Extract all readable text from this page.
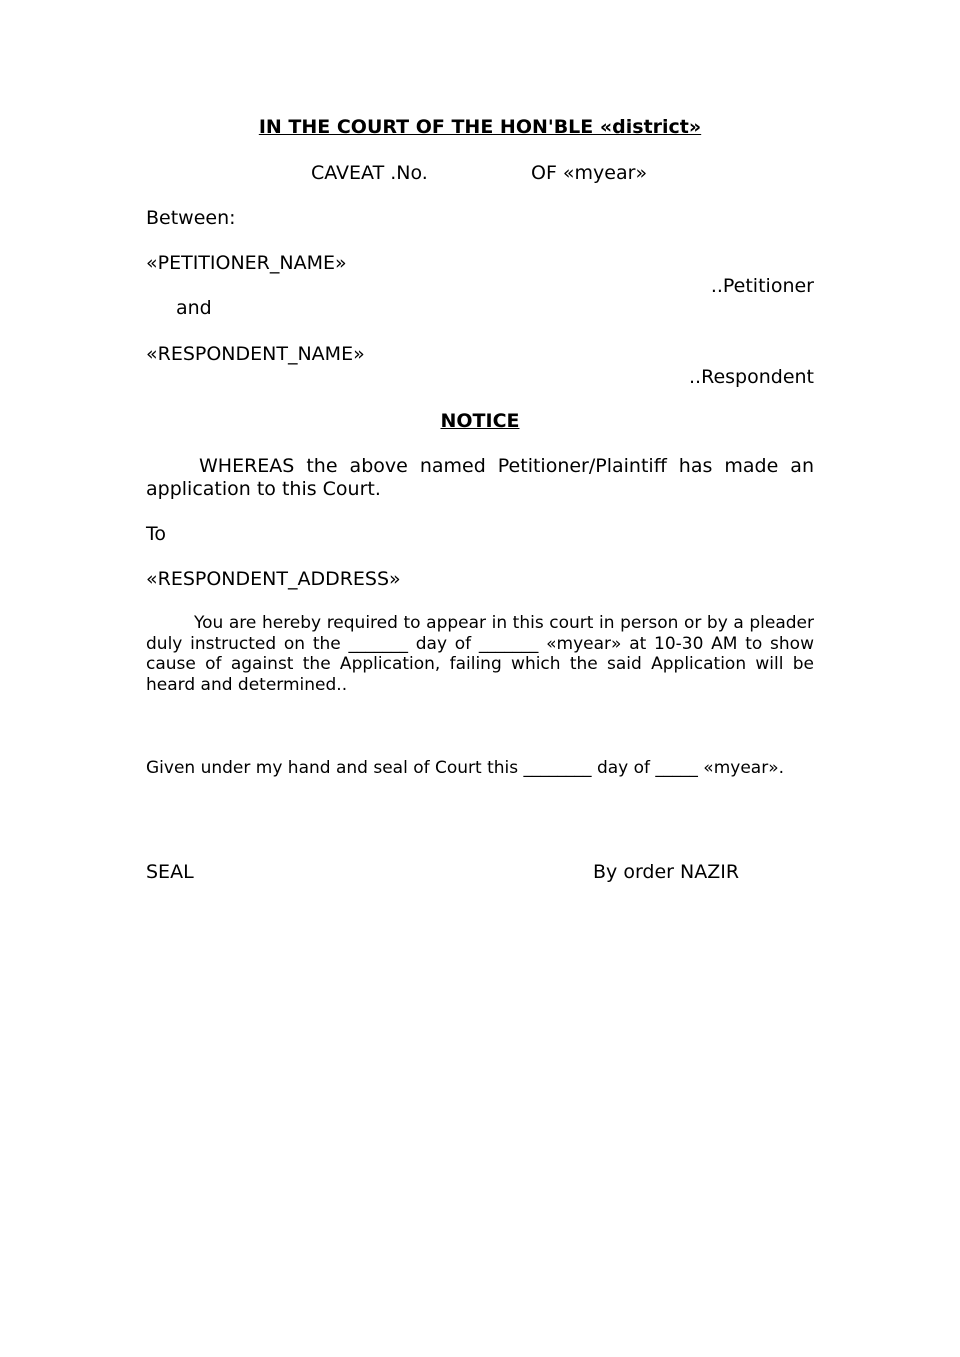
IN THE COURT OF THE HON'BLE «district»
CAVEAT .No.	OF «myear»
Between:
«PETITIONER_NAME»
..Petitioner
and
«RESPONDENT_NAME»
..Respondent
NOTICE
WHEREAS the above named Petitioner/Plaintiff has made an application to this Court.
To
«RESPONDENT_ADDRESS»
You are hereby required to appear in this court in person or by a pleader duly instructed on the _______ day of _______ «myear» at 10-30 AM to show cause of against the Application, failing which the said Application will be heard and determined..
Given under my hand and seal of Court this ________ day of _____ «myear».
SEAL	By order NAZIR
